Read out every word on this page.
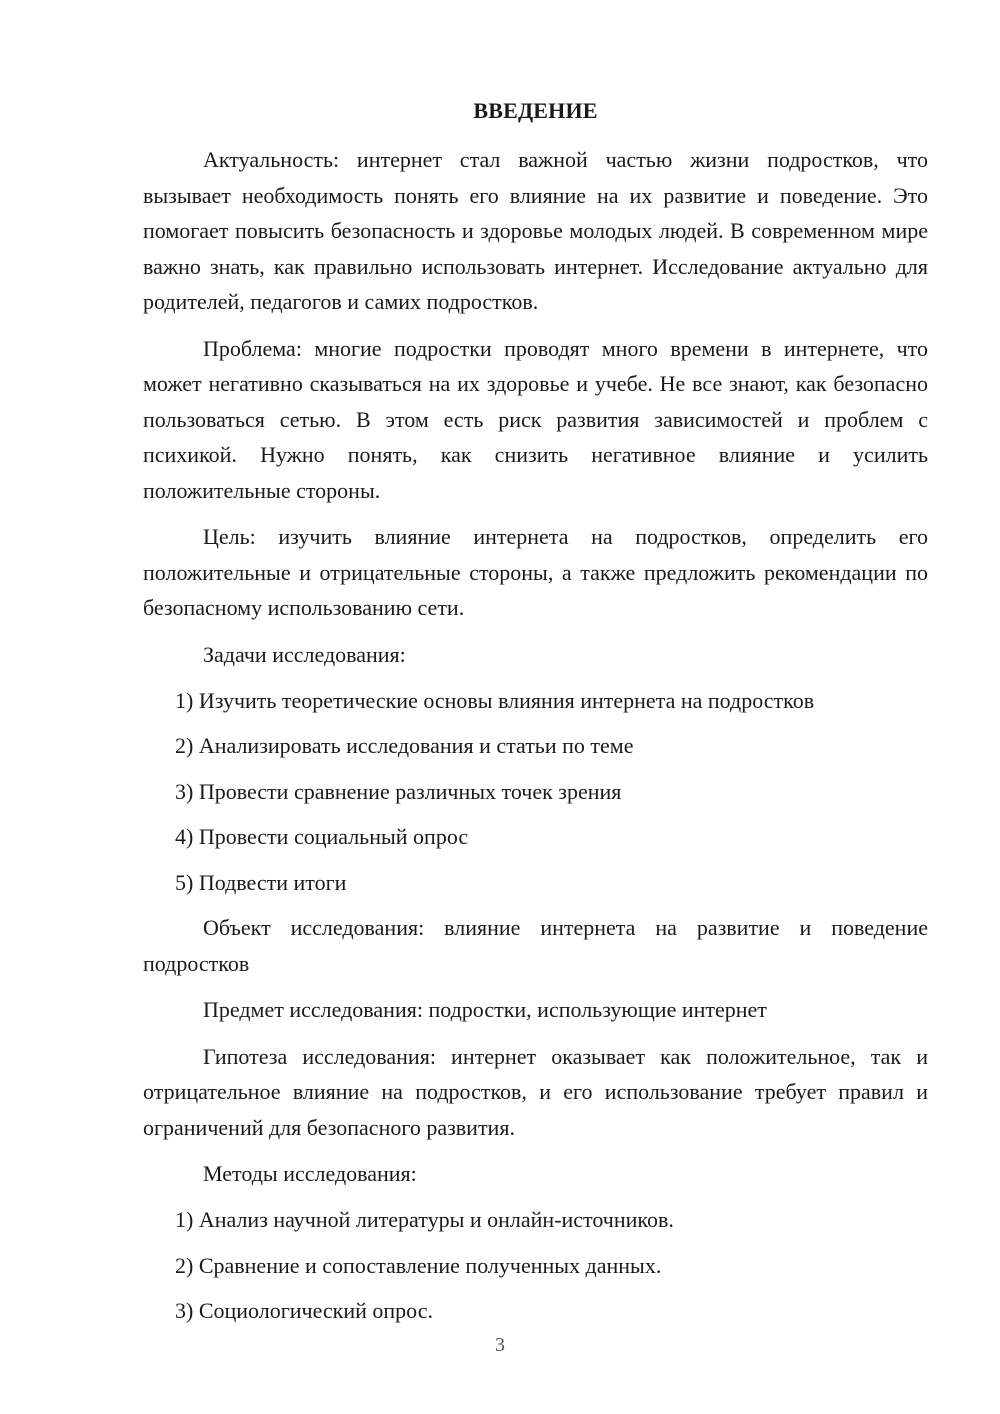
ВВЕДЕНИЕ

Актуальность: интернет стал важной частью жизни подростков, что вызывает необходимость понять его влияние на их развитие и поведение. Это помогает повысить безопасность и здоровье молодых людей. В современном мире важно знать, как правильно использовать интернет. Исследование актуально для родителей, педагогов и самих подростков.

Проблема: многие подростки проводят много времени в интернете, что может негативно сказываться на их здоровье и учебе. Не все знают, как безопасно пользоваться сетью. В этом есть риск развития зависимостей и проблем с психикой. Нужно понять, как снизить негативное влияние и усилить положительные стороны.

Цель: изучить влияние интернета на подростков, определить его положительные и отрицательные стороны, а также предложить рекомендации по безопасному использованию сети.

Задачи исследования:
1) Изучить теоретические основы влияния интернета на подростков
2) Анализировать исследования и статьи по теме
3) Провести сравнение различных точек зрения
4) Провести социальный опрос
5) Подвести итоги

Объект исследования: влияние интернета на развитие и поведение подростков

Предмет исследования: подростки, использующие интернет

Гипотеза исследования: интернет оказывает как положительное, так и отрицательное влияние на подростков, и его использование требует правил и ограничений для безопасного развития.

Методы исследования:
1) Анализ научной литературы и онлайн-источников.
2) Сравнение и сопоставление полученных данных.
3) Социологический опрос.
3
